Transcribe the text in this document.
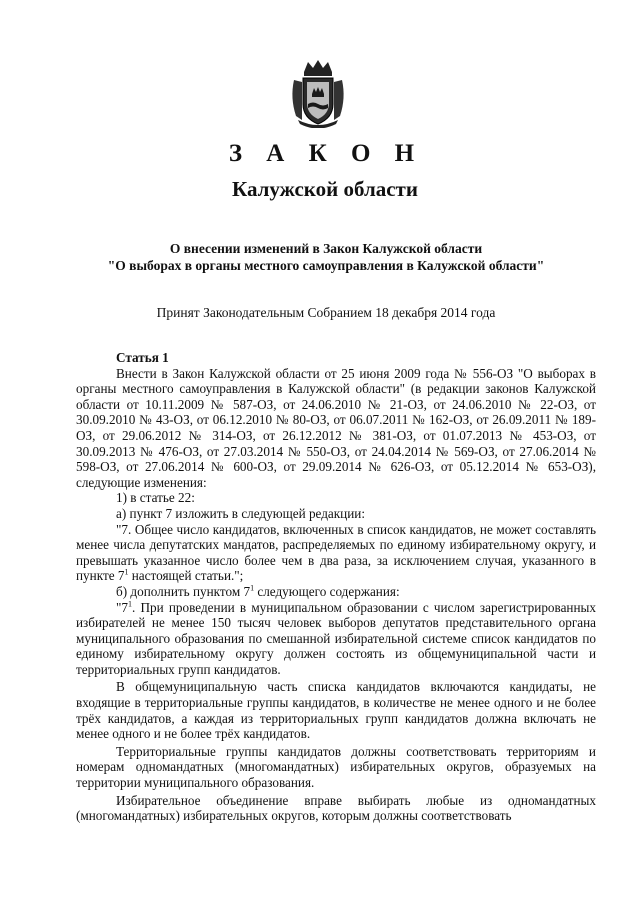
З А К О Н
Калужской области
О внесении изменений в Закон Калужской области
"О выборах в органы местного самоуправления в Калужской области"
Принят Законодательным Собранием 18 декабря 2014 года

Статья 1

Внести в Закон Калужской области от 25 июня 2009 года № 556-ОЗ "О выборах в органы местного самоуправления в Калужской области" (в редакции законов Калужской области от 10.11.2009 № 587-ОЗ, от 24.06.2010 № 21-ОЗ, от 24.06.2010 № 22-ОЗ, от 30.09.2010 № 43-ОЗ, от 06.12.2010 № 80-ОЗ, от 06.07.2011 № 162-ОЗ, от 26.09.2011 № 189-ОЗ, от 29.06.2012 № 314-ОЗ, от 26.12.2012 № 381-ОЗ, от 01.07.2013 № 453-ОЗ, от 30.09.2013 № 476-ОЗ, от 27.03.2014 № 550-ОЗ, от 24.04.2014 № 569-ОЗ, от 27.06.2014 № 598-ОЗ, от 27.06.2014 № 600-ОЗ, от 29.09.2014 № 626-ОЗ, от 05.12.2014 № 653-ОЗ), следующие изменения:

1) в статье 22:

а) пункт 7 изложить в следующей редакции:

"7. Общее число кандидатов, включенных в список кандидатов, не может составлять менее числа депутатских мандатов, распределяемых по единому избирательному округу, и превышать указанное число более чем в два раза, за исключением случая, указанного в пункте $7^1$ настоящей статьи.";

б) дополнить пунктом $7^1$ следующего содержания:

"$7^1$. При проведении в муниципальном образовании с числом зарегистрированных избирателей не менее 150 тысяч человек выборов депутатов представительного органа муниципального образования по смешанной избирательной системе список кандидатов по единому избирательному округу должен состоять из общемуниципальной части и территориальных групп кандидатов.

В общемуниципальную часть списка кандидатов включаются кандидаты, не входящие в территориальные группы кандидатов, в количестве не менее одного и не более трёх кандидатов, а каждая из территориальных групп кандидатов должна включать не менее одного и не более трёх кандидатов.

Территориальные группы кандидатов должны соответствовать территориям и номерам одномандатных (многомандатных) избирательных округов, образуемых на территории муниципального образования.

Избирательное объединение вправе выбирать любые из одномандатных (многомандатных) избирательных округов, которым должны соответствовать
